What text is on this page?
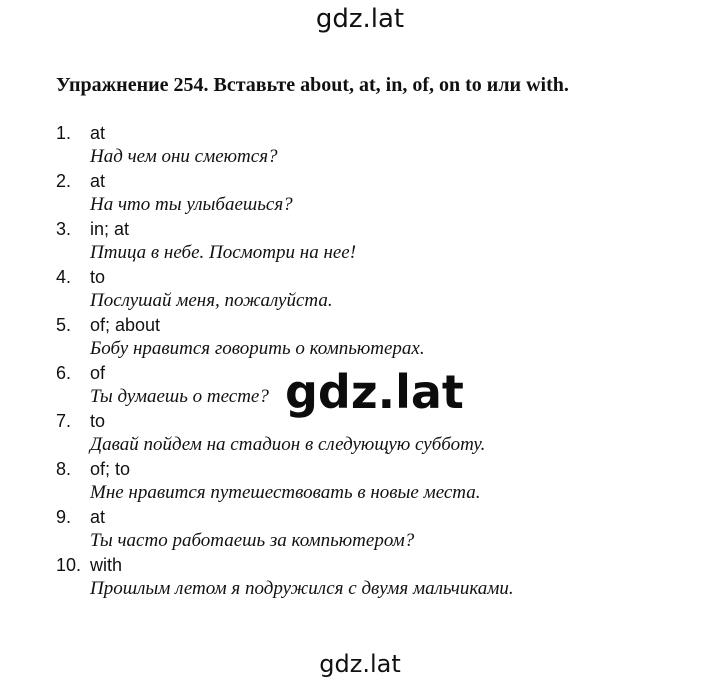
gdz.lat
Упражнение 254. Вставьте about, at, in, of, on to или with.
1.	at
Над чем они смеются?
2.	at
На что ты улыбаешься?
3.	in; at
Птица в небе. Посмотри на нее!
4.	to
Послушай меня, пожалуйста.
5.	of; about
Бобу нравится говорить о компьютерах.
6.	of
Ты думаешь о тесте?
7.	to
Давай пойдем на стадион в следующую субботу.
8.	of; to
Мне нравится путешествовать в новые места.
9.	at
Ты часто работаешь за компьютером?
10. with
Прошлым летом я подружился с двумя мальчиками.
gdz.lat
gdz.lat
